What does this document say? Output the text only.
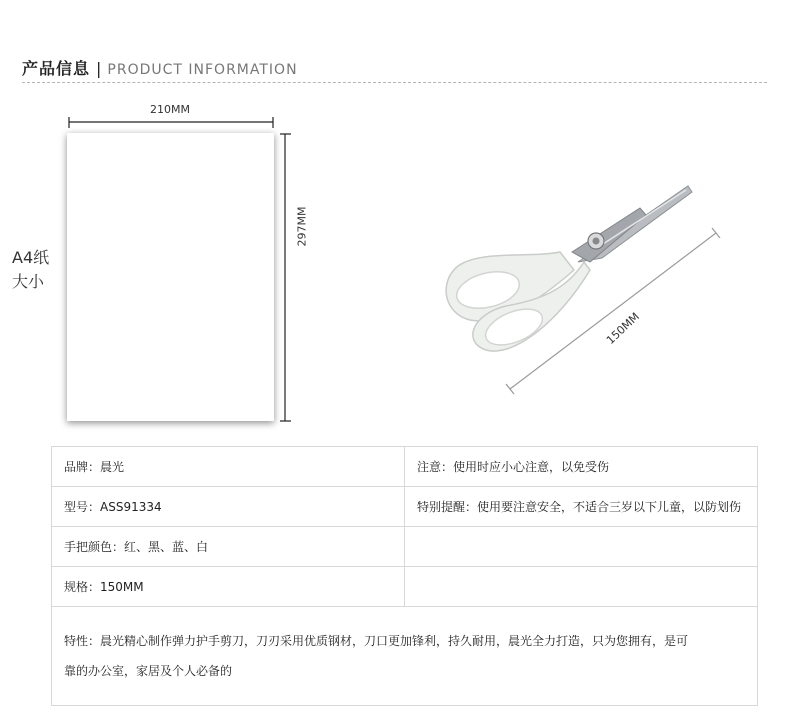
产品信息 | PRODUCT INFORMATION
210MM
297MM
A4纸
大小
150MM
品牌：晨光	注意：使用时应小心注意，以免受伤
型号：ASS91334	特别提醒：使用要注意安全，不适合三岁以下儿童，以防划伤
手把颜色：红、黑、蓝、白	
规格：150MM	

特性：晨光精心制作弹力护手剪刀，刀刃采用优质钢材，刀口更加锋利，持久耐用，晨光全力打造，只为您拥有，是可
靠的办公室，家居及个人必备的	
